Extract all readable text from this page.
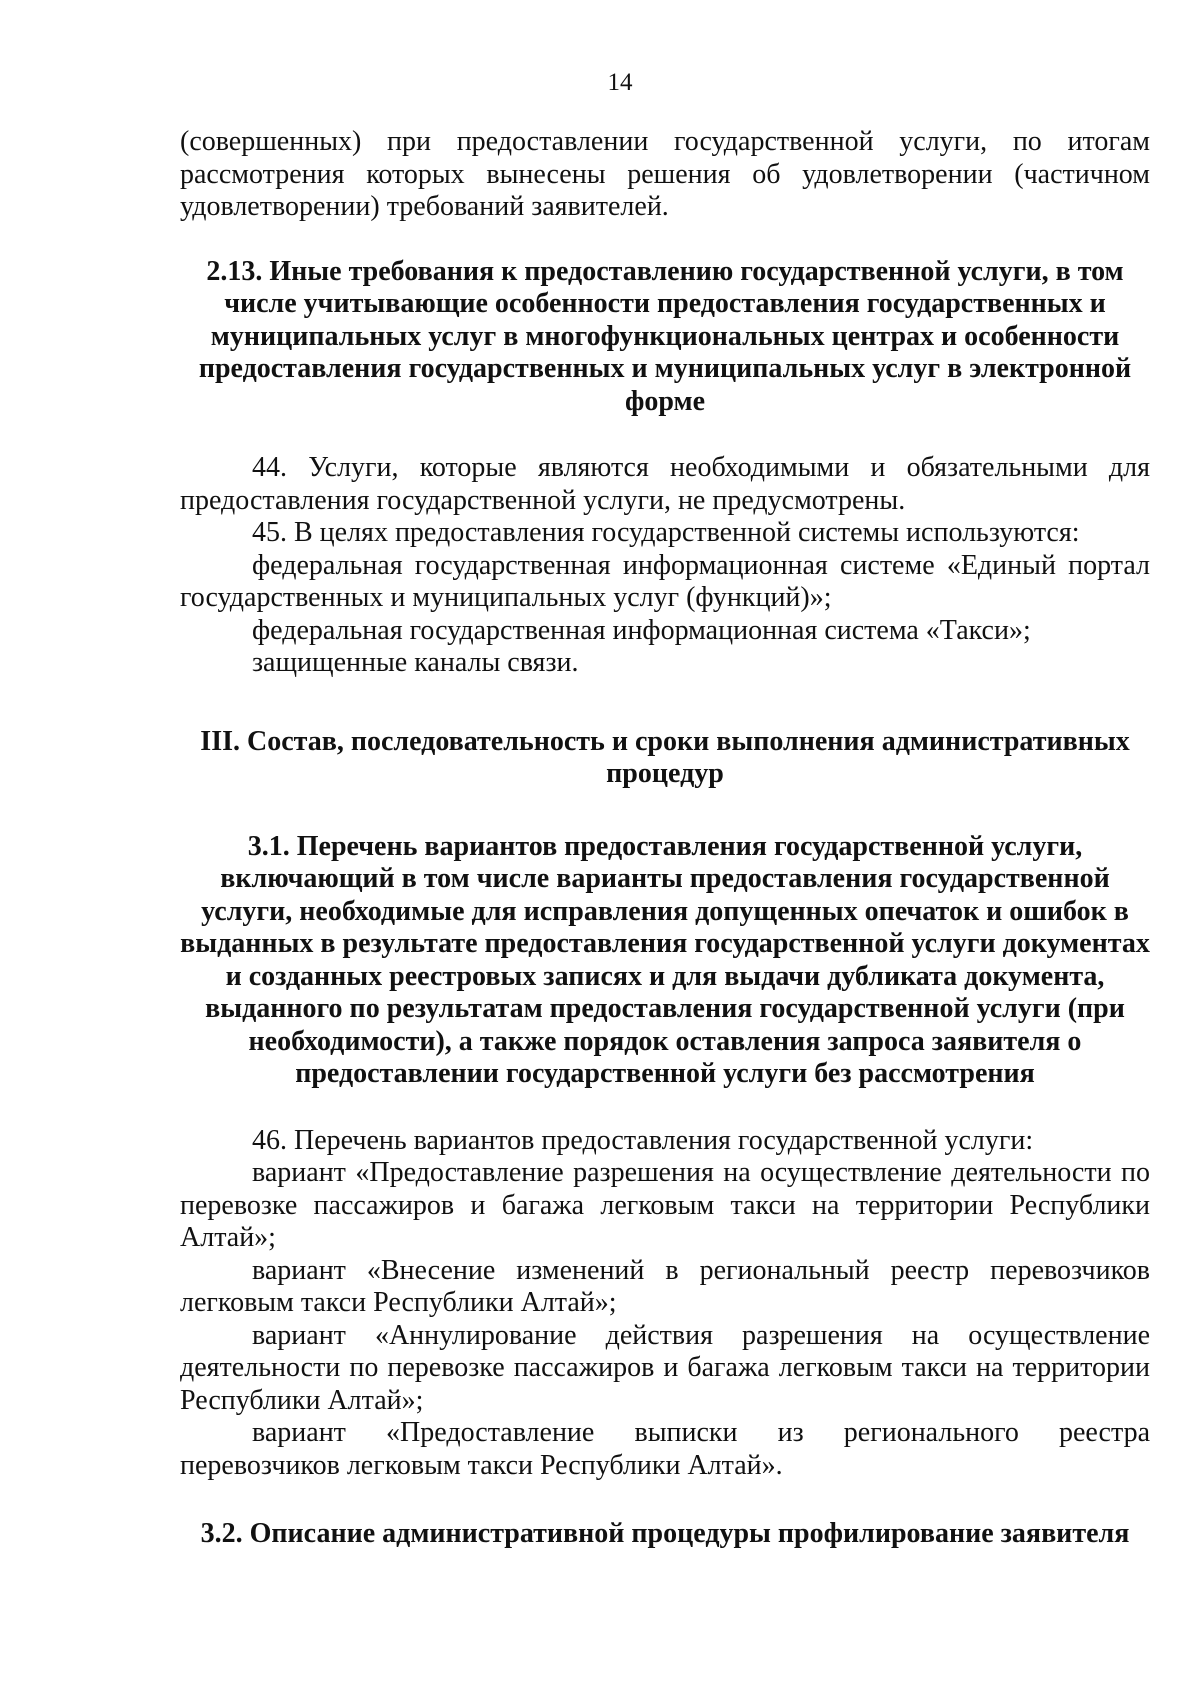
14

(совершенных) при предоставлении государственной услуги, по итогам рассмотрения которых вынесены решения об удовлетворении (частичном удовлетворении) требований заявителей.

2.13. Иные требования к предоставлению государственной услуги, в том числе учитывающие особенности предоставления государственных и муниципальных услуг в многофункциональных центрах и особенности предоставления государственных и муниципальных услуг в электронной форме

44. Услуги, которые являются необходимыми и обязательными для предоставления государственной услуги, не предусмотрены.

45. В целях предоставления государственной системы используются:

федеральная государственная информационная системе «Единый портал государственных и муниципальных услуг (функций)»;

федеральная государственная информационная система «Такси»;

защищенные каналы связи.

III. Состав, последовательность и сроки выполнения административных процедур
3.1. Перечень вариантов предоставления государственной услуги, включающий в том числе варианты предоставления государственной услуги, необходимые для исправления допущенных опечаток и ошибок в выданных в результате предоставления государственной услуги документах и созданных реестровых записях и для выдачи дубликата документа, выданного по результатам предоставления государственной услуги (при необходимости), а также порядок оставления запроса заявителя о предоставлении государственной услуги без рассмотрения

46. Перечень вариантов предоставления государственной услуги:

вариант «Предоставление разрешения на осуществление деятельности по перевозке пассажиров и багажа легковым такси на территории Республики Алтай»;

вариант «Внесение изменений в региональный реестр перевозчиков легковым такси Республики Алтай»;

вариант «Аннулирование действия разрешения на осуществление деятельности по перевозке пассажиров и багажа легковым такси на территории Республики Алтай»;

вариант «Предоставление выписки из регионального реестра перевозчиков легковым такси Республики Алтай».

3.2. Описание административной процедуры профилирование заявителя
